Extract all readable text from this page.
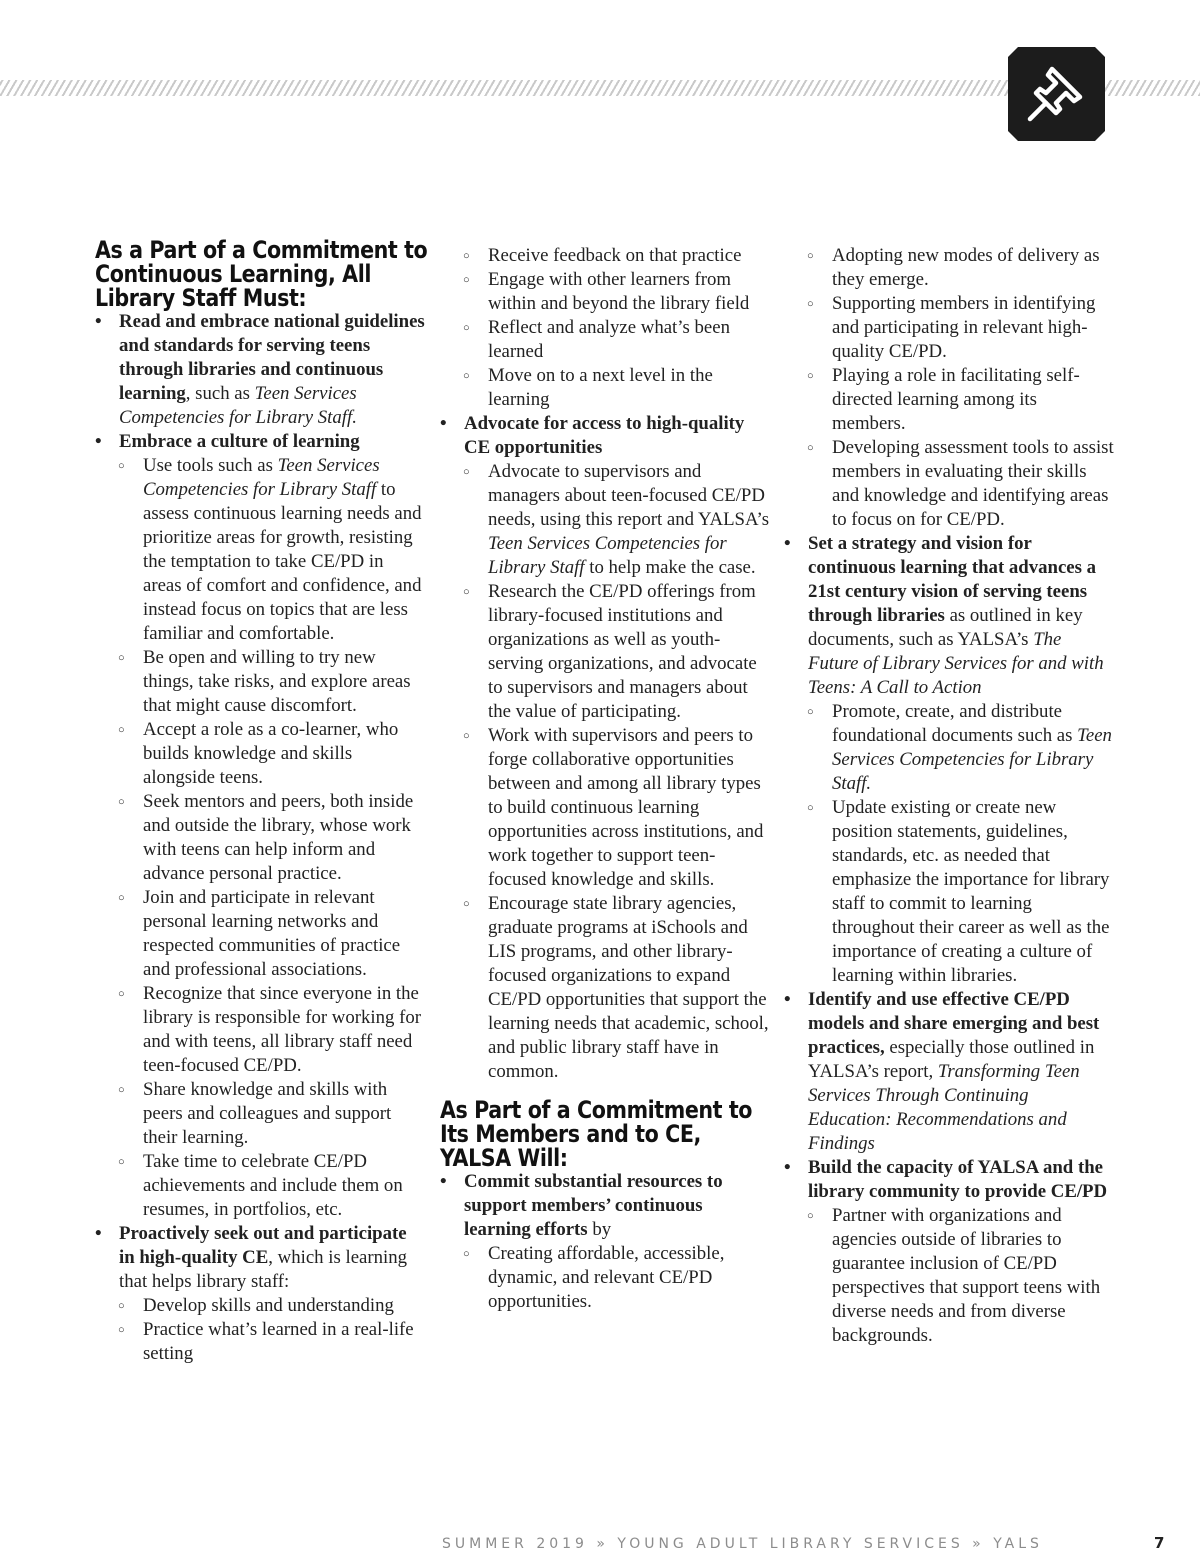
As a Part of a Commitment to Continuous Learning, All Library Staff Must:
• Read and embrace national guidelines and standards for serving teens through libraries and continuous learning, such as Teen Services Competencies for Library Staff.
• Embrace a culture of learning
○ Use tools such as Teen Services Competencies for Library Staff to assess continuous learning needs and prioritize areas for growth, resisting the temptation to take CE/PD in areas of comfort and confidence, and instead focus on topics that are less familiar and comfortable.
○ Be open and willing to try new things, take risks, and explore areas that might cause discomfort.
○ Accept a role as a co-learner, who builds knowledge and skills alongside teens.
○ Seek mentors and peers, both inside and outside the library, whose work with teens can help inform and advance personal practice.
○ Join and participate in relevant personal learning networks and respected communities of practice and professional associations.
○ Recognize that since everyone in the library is responsible for working for and with teens, all library staff need teen-focused CE/PD.
○ Share knowledge and skills with peers and colleagues and support their learning.
○ Take time to celebrate CE/PD achievements and include them on resumes, in portfolios, etc.
• Proactively seek out and participate in high-quality CE, which is learning that helps library staff:
○ Develop skills and understanding
○ Practice what’s learned in a real-life setting
○ Receive feedback on that practice
○ Engage with other learners from within and beyond the library field
○ Reflect and analyze what’s been learned
○ Move on to a next level in the learning
• Advocate for access to high-quality CE opportunities
○ Advocate to supervisors and managers about teen-focused CE/PD needs, using this report and YALSA’s Teen Services Competencies for Library Staff to help make the case.
○ Research the CE/PD offerings from library-focused institutions and organizations as well as youth-serving organizations, and advocate to supervisors and managers about the value of participating.
○ Work with supervisors and peers to forge collaborative opportunities between and among all library types to build continuous learning opportunities across institutions, and work together to support teen-focused knowledge and skills.
○ Encourage state library agencies, graduate programs at iSchools and LIS programs, and other library-focused organizations to expand CE/PD opportunities that support the learning needs that academic, school, and public library staff have in common.
As Part of a Commitment to Its Members and to CE, YALSA Will:
• Commit substantial resources to support members’ continuous learning efforts by
○ Creating affordable, accessible, dynamic, and relevant CE/PD opportunities.
○ Adopting new modes of delivery as they emerge.
○ Supporting members in identifying and participating in relevant high-quality CE/PD.
○ Playing a role in facilitating self-directed learning among its members.
○ Developing assessment tools to assist members in evaluating their skills and knowledge and identifying areas to focus on for CE/PD.
• Set a strategy and vision for continuous learning that advances a 21st century vision of serving teens through libraries as outlined in key documents, such as YALSA’s The Future of Library Services for and with Teens: A Call to Action
○ Promote, create, and distribute foundational documents such as Teen Services Competencies for Library Staff.
○ Update existing or create new position statements, guidelines, standards, etc. as needed that emphasize the importance for library staff to commit to learning throughout their career as well as the importance of creating a culture of learning within libraries.
• Identify and use effective CE/PD models and share emerging and best practices, especially those outlined in YALSA’s report, Transforming Teen Services Through Continuing Education: Recommendations and Findings
• Build the capacity of YALSA and the library community to provide CE/PD
○ Partner with organizations and agencies outside of libraries to guarantee inclusion of CE/PD perspectives that support teens with diverse needs and from diverse backgrounds.
SUMMER 2019 » YOUNG ADULT LIBRARY SERVICES » YALS	7
